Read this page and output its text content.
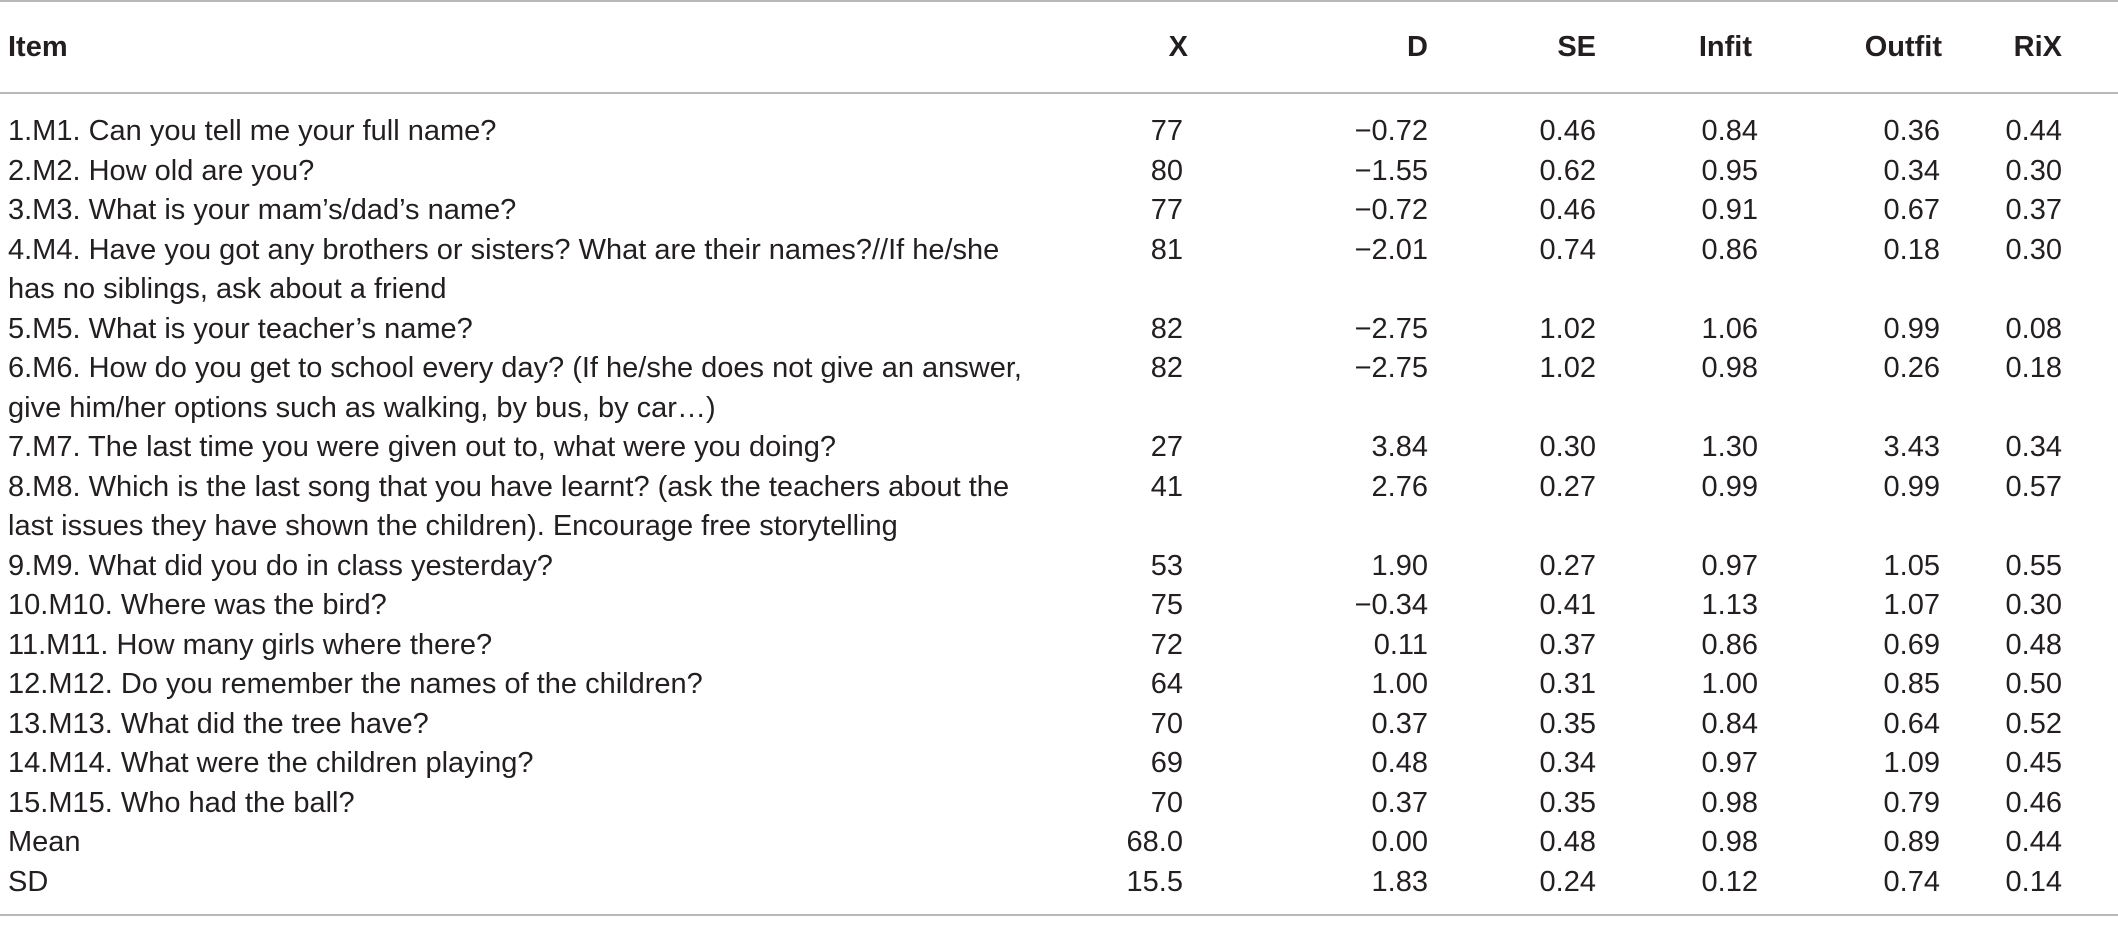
Item	X	D	SE	Infit	Outfit	RiX
1.M1. Can you tell me your full name?	77	−0.72	0.46	0.84	0.36	0.44
2.M2. How old are you?	80	−1.55	0.62	0.95	0.34	0.30
3.M3. What is your mam’s/dad’s name?	77	−0.72	0.46	0.91	0.67	0.37
4.M4. Have you got any brothers or sisters? What are their names?//If he/she has no siblings, ask about a friend	81	−2.01	0.74	0.86	0.18	0.30
5.M5. What is your teacher’s name?	82	−2.75	1.02	1.06	0.99	0.08
6.M6. How do you get to school every day? (If he/she does not give an answer, give him/her options such as walking, by bus, by car…)	82	−2.75	1.02	0.98	0.26	0.18
7.M7. The last time you were given out to, what were you doing?	27	3.84	0.30	1.30	3.43	0.34
8.M8. Which is the last song that you have learnt? (ask the teachers about the last issues they have shown the children). Encourage free storytelling	41	2.76	0.27	0.99	0.99	0.57
9.M9. What did you do in class yesterday?	53	1.90	0.27	0.97	1.05	0.55
10.M10. Where was the bird?	75	−0.34	0.41	1.13	1.07	0.30
11.M11. How many girls where there?	72	0.11	0.37	0.86	0.69	0.48
12.M12. Do you remember the names of the children?	64	1.00	0.31	1.00	0.85	0.50
13.M13. What did the tree have?	70	0.37	0.35	0.84	0.64	0.52
14.M14. What were the children playing?	69	0.48	0.34	0.97	1.09	0.45
15.M15. Who had the ball?	70	0.37	0.35	0.98	0.79	0.46
Mean	68.0	0.00	0.48	0.98	0.89	0.44
SD	15.5	1.83	0.24	0.12	0.74	0.14
